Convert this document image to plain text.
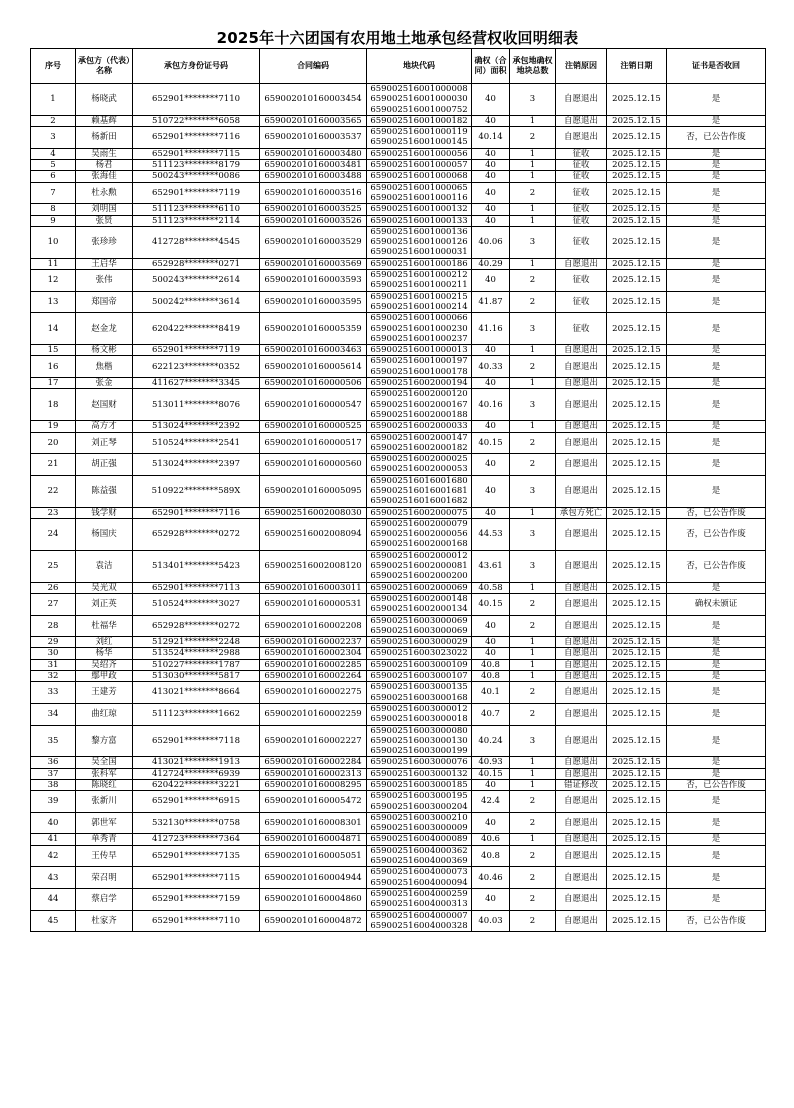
2025年十六团国有农用地土地承包经营权收回明细表
序号	承包方（代表）名称	承包方身份证号码	合同编码	地块代码	确权（合同）面积	承包地确权地块总数	注销原因	注销日期	证书是否收回
1	杨晓武	652901********7110	659002010160003454	659002516001000008
659002516001000030
659002516001000752	40	3	自愿退出	2025.12.15	是
2	赖基辉	510722********6058	659002010160003565	659002516001000182	40	1	自愿退出	2025.12.15	是
3	杨新田	652901********7116	659002010160003537	659002516001000119
659002516001000145	40.14	2	自愿退出	2025.12.15	否，已公告作废
4	吴雨生	652901********7115	659002010160003480	659002516001000056	40	1	征收	2025.12.15	是
5	杨君	511123********8179	659002010160003481	659002516001000057	40	1	征收	2025.12.15	是
6	张海佳	500243********0086	659002010160003488	659002516001000068	40	1	征收	2025.12.15	是
7	杜永勲	652901********7119	659002010160003516	659002516001000065
659002516001000116	40	2	征收	2025.12.15	是
8	刘明国	511123********6110	659002010160003525	659002516001000132	40	1	征收	2025.12.15	是
9	张贤	511123********2114	659002010160003526	659002516001000133	40	1	征收	2025.12.15	是
10	张珍珍	412728********4545	659002010160003529	659002516001000136
659002516001000126
659002516001000031	40.06	3	征收	2025.12.15	是
11	王启华	652928********0271	659002010160003569	659002516001000186	40.29	1	自愿退出	2025.12.15	是
12	张伟	500243********2614	659002010160003593	659002516001000212
659002516001000211	40	2	征收	2025.12.15	是
13	郑国帝	500242********3614	659002010160003595	659002516001000215
659002516001000214	41.87	2	征收	2025.12.15	是
14	赵金龙	620422********8419	659002010160005359	659002516001000066
659002516001000230
659002516001000237	41.16	3	征收	2025.12.15	是
15	杨文彬	652901********7119	659002010160003463	659002516001000013	40	1	自愿退出	2025.12.15	是
16	焦楷	622123********0352	659002010160005614	659002516001000197
659002516001000178	40.33	2	自愿退出	2025.12.15	是
17	张金	411627********3345	659002010160000506	659002516002000194	40	1	自愿退出	2025.12.15	是
18	赵国财	513011********8076	659002010160000547	659002516002000120
659002516002000167
659002516002000188	40.16	3	自愿退出	2025.12.15	是
19	高方才	513024********2392	659002010160000525	659002516002000033	40	1	自愿退出	2025.12.15	是
20	刘正琴	510524********2541	659002010160000517	659002516002000147
659002516002000182	40.15	2	自愿退出	2025.12.15	是
21	胡正强	513024********2397	659002010160000560	659002516002000025
659002516002000053	40	2	自愿退出	2025.12.15	是
22	陈益强	510922********589X	659002010160005095	659002516016001680
659002516016001681
659002516016001682	40	3	自愿退出	2025.12.15	是
23	钱学财	652901********7116	659002516002008030	659002516002000075	40	1	承包方死亡	2025.12.15	否，已公告作废
24	杨国庆	652928********0272	659002516002008094	659002516002000079
659002516002000056
659002516002000168	44.53	3	自愿退出	2025.12.15	否，已公告作废
25	袁洁	513401********5423	659002516002008120	659002516002000012
659002516002000081
659002516002000200	43.61	3	自愿退出	2025.12.15	否，已公告作废
26	吴光双	652901********7113	659002010160003011	659002516002000069	40.58	1	自愿退出	2025.12.15	是
27	刘正英	510524********3027	659002010160000531	659002516002000148
659002516002000134	40.15	2	自愿退出	2025.12.15	确权未颁证
28	杜福华	652928********0272	659002010160002208	659002516003000069
659002516003000069	40	2	自愿退出	2025.12.15	是
29	刘红	512921********2248	659002010160002237	659002516003000029	40	1	自愿退出	2025.12.15	是
30	杨华	513524********2988	659002010160002304	659002516003023022	40	1	自愿退出	2025.12.15	是
31	吴绍齐	510227********1787	659002010160002285	659002516003000109	40.8	1	自愿退出	2025.12.15	是
32	鄢甲政	513030********5817	659002010160002264	659002516003000107	40.8	1	自愿退出	2025.12.15	是
33	王建芳	413021********8664	659002010160002275	659002516003000135
659002516003000168	40.1	2	自愿退出	2025.12.15	是
34	曲红琼	511123********1662	659002010160002259	659002516003000012
659002516003000018	40.7	2	自愿退出	2025.12.15	是
35	黎方富	652901********7118	659002010160002227	659002516003000080
659002516003000130
659002516003000199	40.24	3	自愿退出	2025.12.15	是
36	吴全国	413021********1913	659002010160002284	659002516003000076	40.93	1	自愿退出	2025.12.15	是
37	张科军	412724********6939	659002010160002313	659002516003000132	40.15	1	自愿退出	2025.12.15	是
38	陈晓红	620422********3221	659002010160008295	659002516003000185	40	1	错证修改	2025.12.15	否，已公告作废
39	张新川	652901********6915	659002010160005472	659002516003000195
659002516003000204	42.4	2	自愿退出	2025.12.15	是
40	郭世军	532130********0758	659002010160008301	659002516003000210
659002516003000009	40	2	自愿退出	2025.12.15	是
41	单秀青	412723********7364	659002010160004871	659002516004000089	40.6	1	自愿退出	2025.12.15	是
42	王传早	652901********7135	659002010160005051	659002516004000362
659002516004000369	40.8	2	自愿退出	2025.12.15	是
43	荣召明	652901********7115	659002010160004944	659002516004000073
659002516004000094	40.46	2	自愿退出	2025.12.15	是
44	蔡启学	652901********7159	659002010160004860	659002516004000259
659002516004000313	40	2	自愿退出	2025.12.15	是
45	杜家齐	652901********7110	659002010160004872	659002516004000007
659002516004000328	40.03	2	自愿退出	2025.12.15	否，已公告作废
